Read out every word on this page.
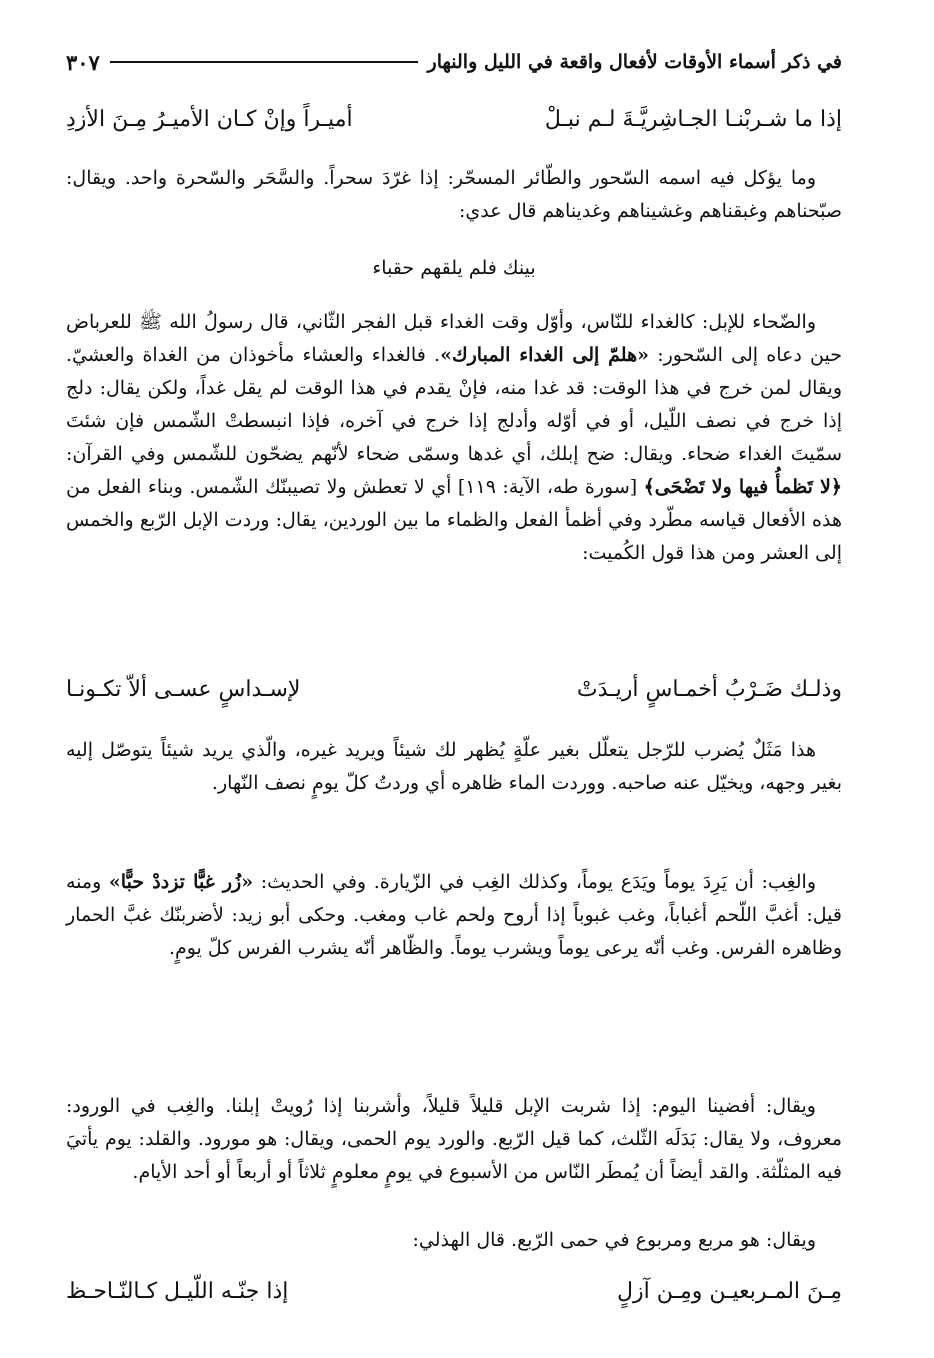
في ذكر أسماء الأوقات لأفعال واقعة في الليل والنهار
٣٠٧
إذا ما شـربْنـا الجـاشِريَّـةَ لـم نبـلْ
أميـراً وإنْ كـان الأميـرُ مِـنَ الأزدِ

وما يؤكل فيه اسمه السّحور والطّائر المسحّر: إذا غرّدَ سحراً. والسَّحَر والسّحرة واحد. ويقال: صبّحناهم وغبقناهم وغشيناهم وغديناهم قال عدي:

بينك فلم يلقهم حقباء

والضّحاء للإبل: كالغداء للنّاس، وأوّل وقت الغداء قبل الفجر الثّاني، قال رسولُ الله ﷺ للعرباض حين دعاه إلى السّحور: «هلمّ إلى الغداء المبارك». فالغداء والعشاء مأخوذان من الغداة والعشيّ. ويقال لمن خرج في هذا الوقت: قد غدا منه، فإنْ يقدم في هذا الوقت لم يقل غداً، ولكن يقال: دلج إذا خرج في نصف اللّيل، أو في أوّله وأدلج إذا خرج في آخره، فإذا انبسطتْ الشّمس فإن شئتَ سمّيتَ الغداء ضحاء. ويقال: ضح إبلك، أي غدها وسمّى ضحاء لأنّهم يضحّون للشّمس وفي القرآن: ﴿لا تَظمأُ فيها ولا تَضْحَى﴾ [سورة طه، الآية: ١١٩] أي لا تعطش ولا تصيبنّك الشّمس. وبناء الفعل من هذه الأفعال قياسه مطّرد وفي أظمأ الفعل والظماء ما بين الوردين، يقال: وردت الإبل الرّبع والخمس إلى العشر ومن هذا قول الكُميت:

وذلـك ضَـرْبُ أخمـاسٍ أريـدَتْ
لإسـداسٍ عسـى ألاّ تكـونـا

هذا مَثَلٌ يُضرب للرّجل يتعلّل بغير علّةٍ يُظهر لك شيئاً ويريد غيره، والّذي يريد شيئاً يتوصّل إليه بغير وجهه، ويخيّل عنه صاحبه. ووردت الماء ظاهره أي وردتُ كلّ يومٍ نصف النّهار.

والغِب: أن يَرِدَ يوماً ويَدَع يوماً، وكذلك الغِب في الزّيارة. وفي الحديث: «زُر غبًّا تزددْ حبًّا» ومنه قيل: أغبَّ اللّحم أغباباً، وغب غبوباً إذا أروح ولحم غاب ومغب. وحكى أبو زيد: لأضربنّك غبَّ الحمار وظاهره الفرس. وغب أنّه يرعى يوماً ويشرب يوماً. والظّاهر أنّه يشرب الفرس كلّ يومٍ.

ويقال: أفضينا اليوم: إذا شربت الإبل قليلاً قليلاً، وأشربنا إذا رُويتْ إبلنا. والغِب في الورود: معروف، ولا يقال: بَدَلَه الثّلث، كما قيل الرّبع. والورد يوم الحمى، ويقال: هو مورود. والقلد: يوم يأتيَ فيه المثلّثة. والقد أيضاً أن يُمطَر النّاس من الأسبوع في يومٍ معلومٍ ثلاثاً أو أربعاً أو أحد الأيام.

ويقال: هو مربع ومربوع في حمى الرّبع. قال الهذلي:

مِـنَ المـربعيـن ومِـن آزلٍ
إذا جنّـه اللّيـل كـالنّـاحـظ
